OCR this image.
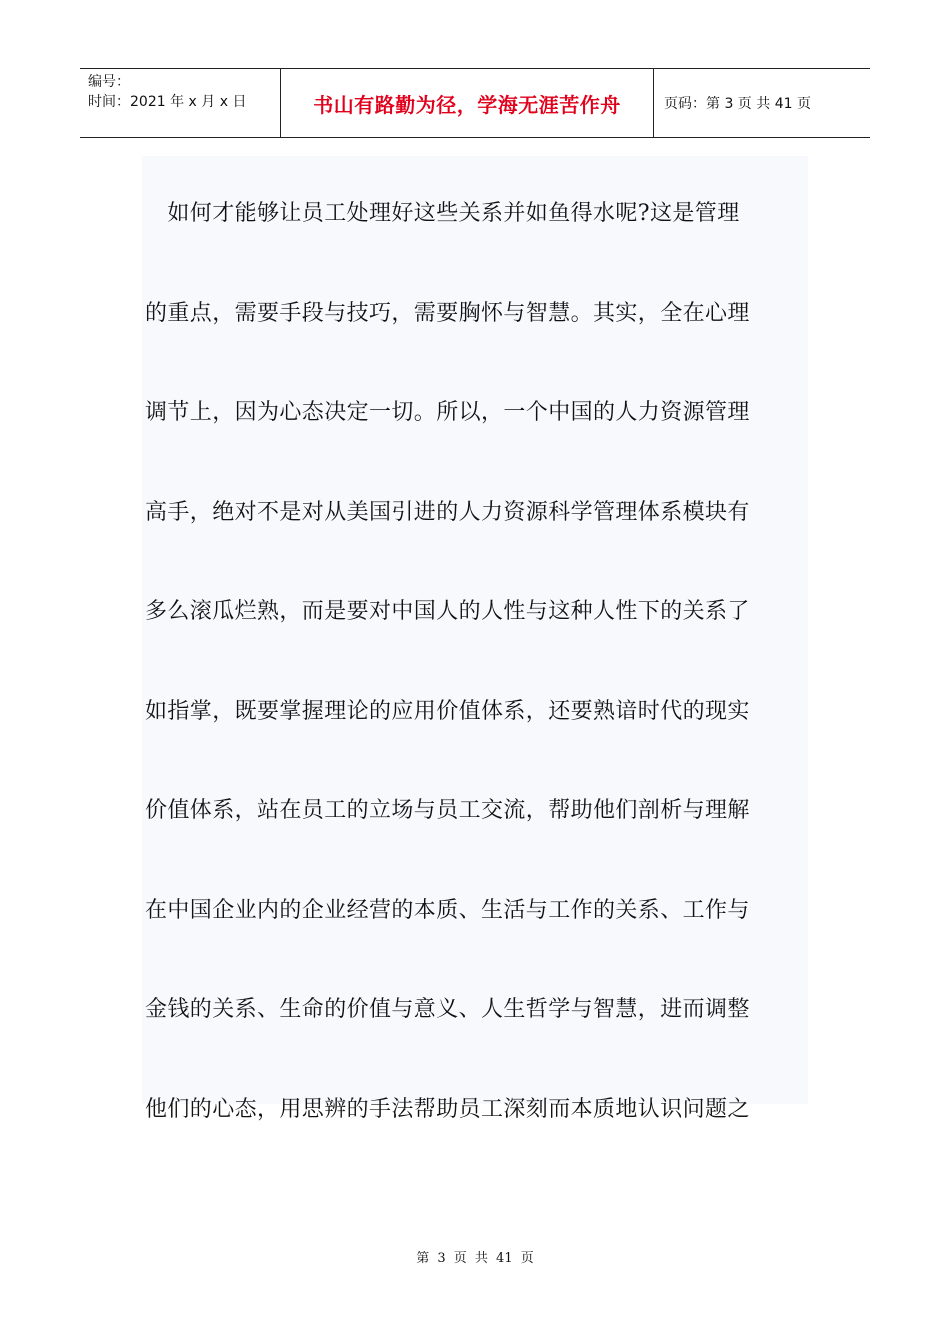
编号：
时间：2021 年 x 月 x 日	书山有路勤为径，学海无涯苦作舟	页码：第 3 页 共 41 页
　如何才能够让员工处理好这些关系并如鱼得水呢?这是管理
的重点，需要手段与技巧，需要胸怀与智慧。其实，全在心理
调节上，因为心态决定一切。所以，一个中国的人力资源管理
高手，绝对不是对从美国引进的人力资源科学管理体系模块有
多么滚瓜烂熟，而是要对中国人的人性与这种人性下的关系了
如指掌，既要掌握理论的应用价值体系，还要熟谙时代的现实
价值体系，站在员工的立场与员工交流，帮助他们剖析与理解
在中国企业内的企业经营的本质、生活与工作的关系、工作与
金钱的关系、生命的价值与意义、人生哲学与智慧，进而调整
他们的心态，用思辨的手法帮助员工深刻而本质地认识问题之
第 3 页 共 41 页
